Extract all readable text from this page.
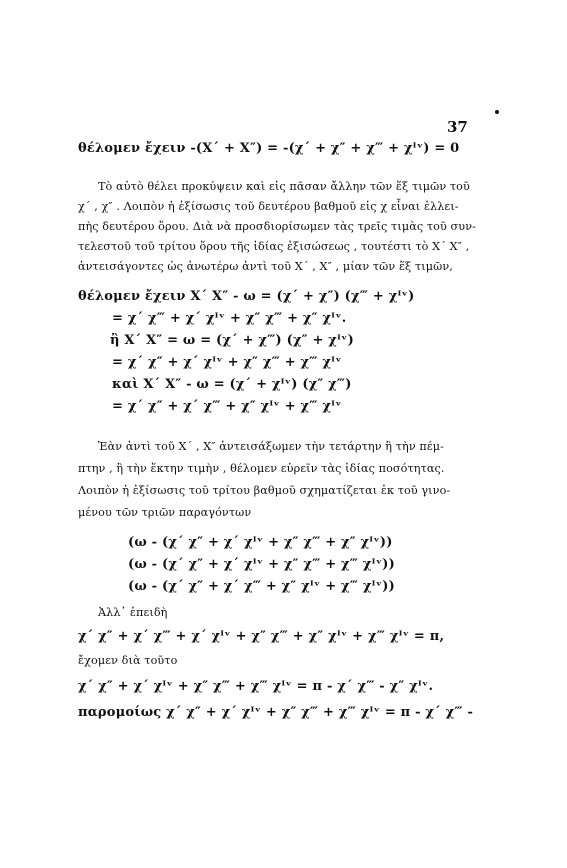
37
θέλομεν ἔχειν ‐(X΄ + X″) = ‐(χ΄ + χ″ + χ‴ + χᴵᵛ) = 0
Τὸ αὐτὸ θέλει προκύψειν καὶ εἰς πᾶσαν ἄλλην τῶν ἕξ τιμῶν τοῦ
χ΄ , χ″ . Λοιπὸν ἡ ἐξίσωσις τοῦ δευτέρου βαθμοῦ εἰς χ εἶναι ἐλλει-
πὴς δευτέρου ὅρου. Διὰ νὰ προσδιορίσωμεν τὰς τρεῖς τιμὰς τοῦ συν-
τελεστοῦ τοῦ τρίτου ὅρου τῆς ἰδίας ἐξισώσεως , τουτέστι τὸ X΄ X″ ,
ἀντεισάγοντες ὡς ἀνωτέρω ἀντὶ τοῦ X΄ , X″ , μίαν τῶν ἕξ τιμῶν,
θέλομεν ἔχειν X΄ X″ ‐ ω = (χ΄ + χ″) (χ‴ + χᴵᵛ)
= χ΄ χ‴ + χ΄ χᴵᵛ + χ″ χ‴ + χ″ χᴵᵛ.
ἢ X΄ X″ = ω = (χ΄ + χ‴) (χ″ + χᴵᵛ)
= χ΄ χ″ + χ΄ χᴵᵛ + χ″ χ‴ + χ‴ χᴵᵛ
καὶ X΄ X″ ‐ ω = (χ΄ + χᴵᵛ) (χ″ χ‴)
= χ΄ χ″ + χ΄ χ‴ + χ″ χᴵᵛ + χ‴ χᴵᵛ
Ἐὰν ἀντὶ τοῦ X΄ , X″ ἀντεισάξωμεν τὴν τετάρτην ἢ τὴν πέμ-
πτην , ἢ τὴν ἕκτην τιμὴν , θέλομεν εὑρεῖν τὰς ἰδίας ποσότητας.
Λοιπὸν ἡ ἐξίσωσις τοῦ τρίτου βαθμοῦ σχηματίζεται ἐκ τοῦ γινο-
μένου τῶν τριῶν παραγόντων
(ω ‐ (χ΄ χ″ + χ΄ χᴵᵛ + χ″ χ‴ + χ″ χᴵᵛ))
(ω ‐ (χ΄ χ″ + χ΄ χᴵᵛ + χ″ χ‴ + χ‴ χᴵᵛ))
(ω ‐ (χ΄ χ″ + χ΄ χ‴ + χ″ χᴵᵛ + χ‴ χᴵᵛ))
Ἀλλ᾽ ἐπειδὴ
χ΄ χ″ + χ΄ χ‴ + χ΄ χᴵᵛ + χ″ χ‴ + χ″ χᴵᵛ + χ‴ χᴵᵛ = π,
ἔχομεν διὰ τοῦτο
χ΄ χ″ + χ΄ χᴵᵛ + χ″ χ‴ + χ‴ χᴵᵛ = π ‐ χ΄ χ‴ ‐ χ″ χᴵᵛ.
παρομοίως χ΄ χ″ + χ΄ χᴵᵛ + χ″ χ‴ + χ‴ χᴵᵛ = π ‐ χ΄ χ‴ ‐
